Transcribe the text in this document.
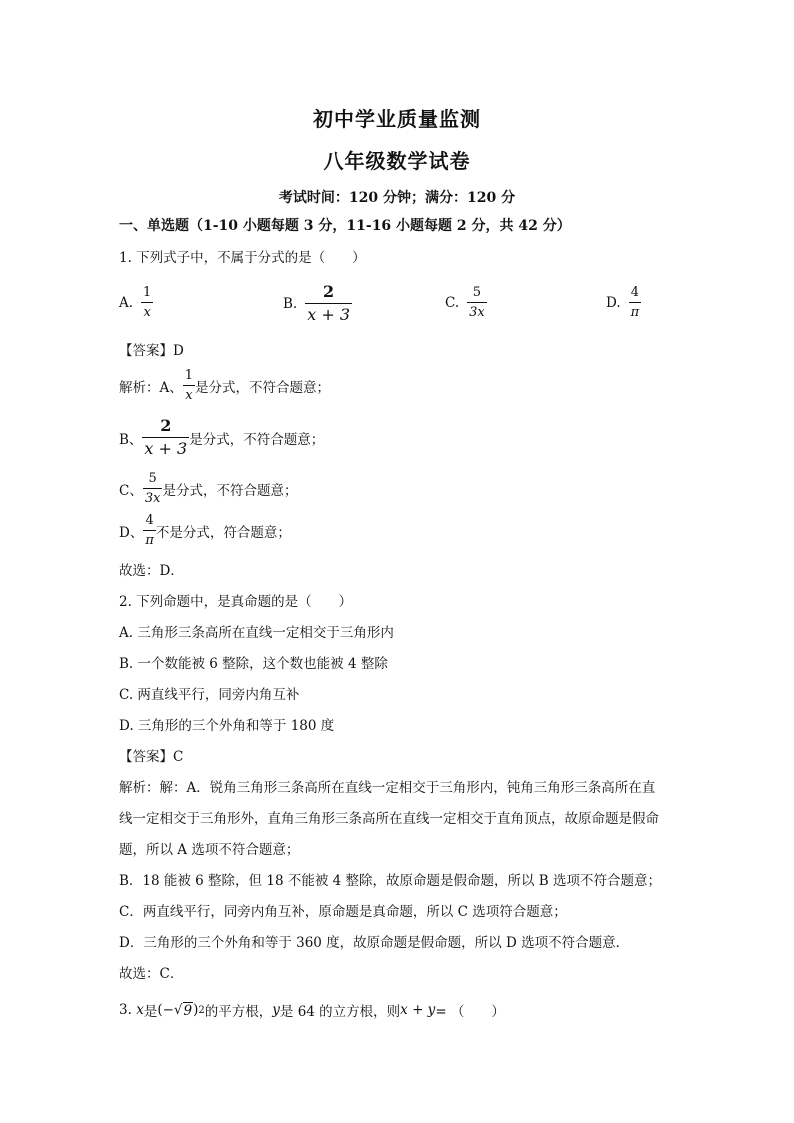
初中学业质量监测
八年级数学试卷
考试时间：120 分钟；满分：120 分
一、单选题（1-10 小题每题 3 分，11-16 小题每题 2 分，共 42 分）
1. 下列式子中，不属于分式的是（　　）
A. $\frac{1}{x}$	B. $\frac{2}{x + 3}$	C. $\frac{5}{3x}$	D. $\frac{4}{\pi}$
【答案】D
解析：A、 $\frac{1}{x}$ 是分式，不符合题意；
B、 $\frac{2}{x + 3}$ 是分式，不符合题意；
C、 $\frac{5}{3x}$ 是分式，不符合题意；
D、 $\frac{4}{\pi}$ 不是分式，符合题意；
故选：D．
2. 下列命题中，是真命题的是（　　）
A. 三角形三条高所在直线一定相交于三角形内
B. 一个数能被 6 整除，这个数也能被 4 整除
C. 两直线平行，同旁内角互补
D. 三角形的三个外角和等于 180 度
【答案】C
解析：解：A．锐角三角形三条高所在直线一定相交于三角形内，钝角三角形三条高所在直
线一定相交于三角形外，直角三角形三条高所在直线一定相交于直角顶点，故原命题是假命
题，所以 A 选项不符合题意；
B．18 能被 6 整除，但 18 不能被 4 整除，故原命题是假命题，所以 B 选项不符合题意；
C．两直线平行，同旁内角互补，原命题是真命题，所以 C 选项符合题意；
D．三角形的三个外角和等于 360 度，故原命题是假命题，所以 D 选项不符合题意．
故选：C．
3.
x 是 (− √ 9 ) 2 的平方根， y 是 64 的立方根，则 x + y = （　　）
